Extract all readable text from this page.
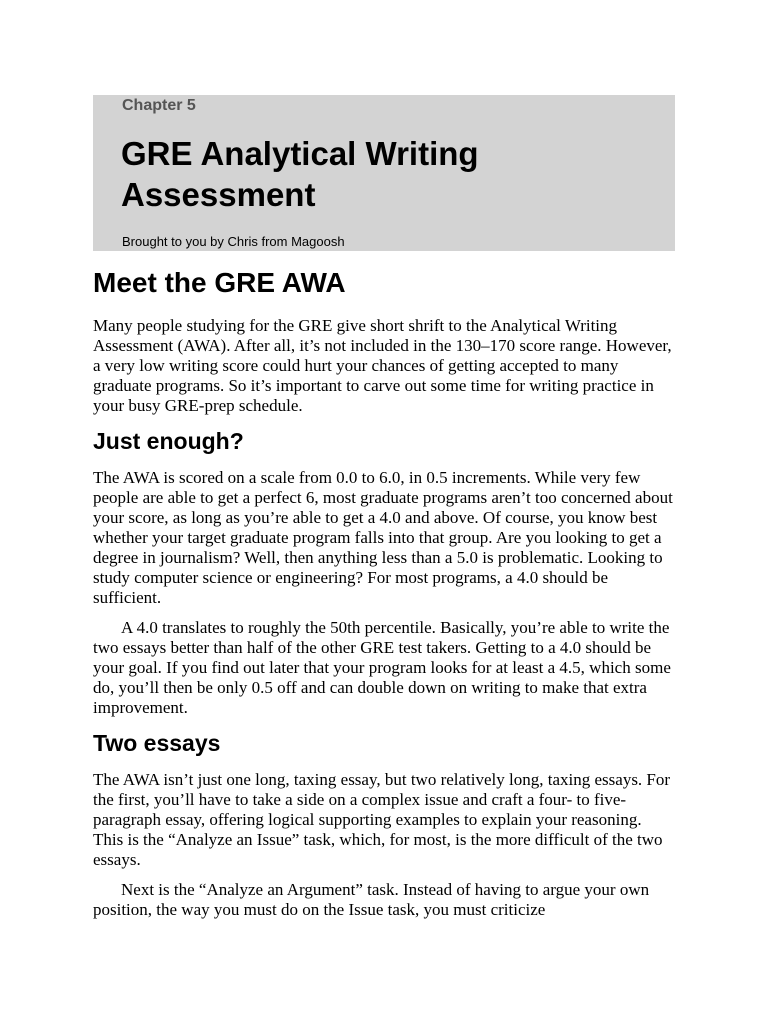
Chapter 5

GRE Analytical Writing Assessment

Brought to you by Chris from Magoosh

Meet the GRE AWA

Many people studying for the GRE give short shrift to the Analytical Writing Assessment (AWA). After all, it’s not included in the 130–170 score range. However, a very low writing score could hurt your chances of getting accepted to many graduate programs. So it’s important to carve out some time for writing practice in your busy GRE-prep schedule.

Just enough?

The AWA is scored on a scale from 0.0 to 6.0, in 0.5 increments. While very few people are able to get a perfect 6, most graduate programs aren’t too concerned about your score, as long as you’re able to get a 4.0 and above. Of course, you know best whether your target graduate program falls into that group. Are you looking to get a degree in journalism? Well, then anything less than a 5.0 is problematic. Looking to study computer science or engineering? For most programs, a 4.0 should be sufficient.

A 4.0 translates to roughly the 50th percentile. Basically, you’re able to write the two essays better than half of the other GRE test takers. Getting to a 4.0 should be your goal. If you find out later that your program looks for at least a 4.5, which some do, you’ll then be only 0.5 off and can double down on writing to make that extra improvement.

Two essays

The AWA isn’t just one long, taxing essay, but two relatively long, taxing essays. For the first, you’ll have to take a side on a complex issue and craft a four- to five-paragraph essay, offering logical supporting examples to explain your reasoning. This is the “Analyze an Issue” task, which, for most, is the more difficult of the two essays.

Next is the “Analyze an Argument” task. Instead of having to argue your own position, the way you must do on the Issue task, you must criticize
